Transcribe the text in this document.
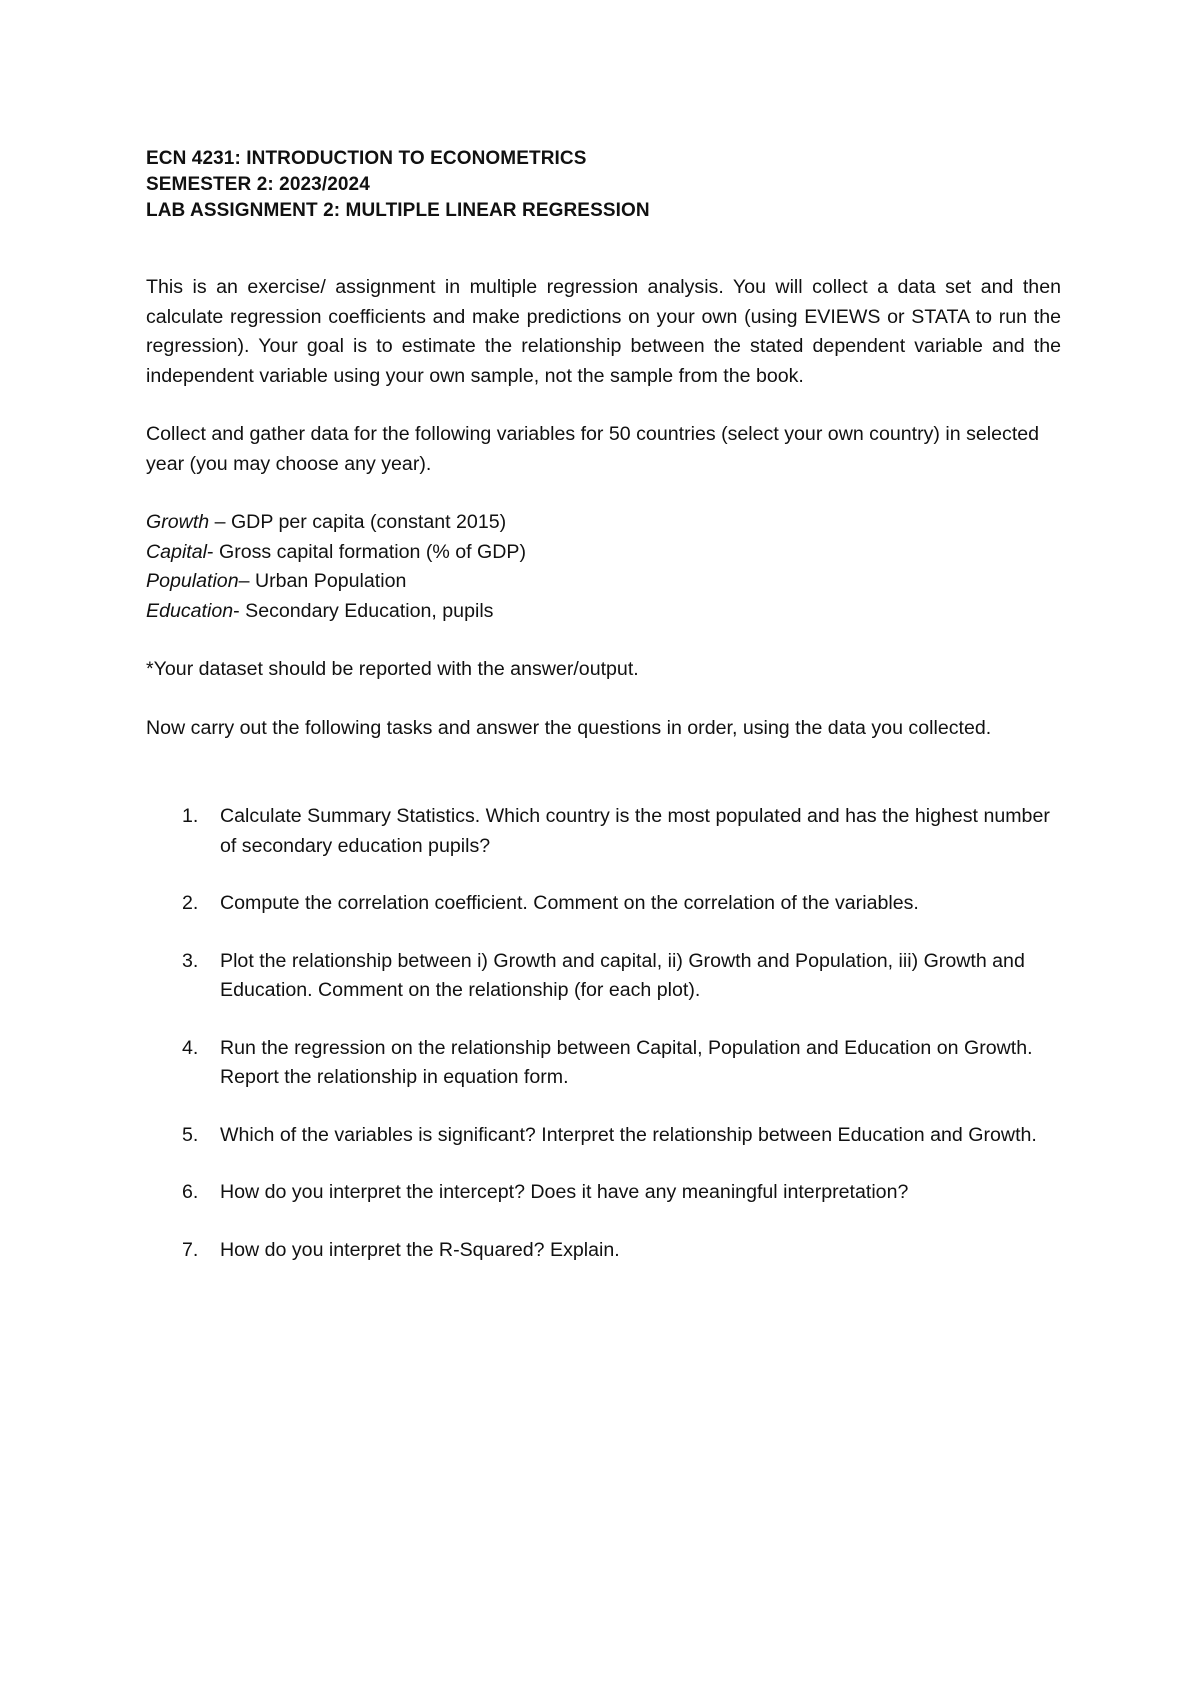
ECN 4231: INTRODUCTION TO ECONOMETRICS
SEMESTER 2: 2023/2024
LAB ASSIGNMENT 2: MULTIPLE LINEAR REGRESSION

This is an exercise/ assignment in multiple regression analysis. You will collect a data set and then calculate regression coefficients and make predictions on your own (using EVIEWS or STATA to run the regression). Your goal is to estimate the relationship between the stated dependent variable and the independent variable using your own sample, not the sample from the book.

Collect and gather data for the following variables for 50 countries (select your own country) in selected year (you may choose any year).

Growth – GDP per capita (constant 2015)
Capital- Gross capital formation (% of GDP)
Population– Urban Population
Education- Secondary Education, pupils

*Your dataset should be reported with the answer/output.

Now carry out the following tasks and answer the questions in order, using the data you collected.

1. Calculate Summary Statistics. Which country is the most populated and has the highest number of secondary education pupils?
2. Compute the correlation coefficient. Comment on the correlation of the variables.
3. Plot the relationship between i) Growth and capital, ii) Growth and Population, iii) Growth and Education. Comment on the relationship (for each plot).
4. Run the regression on the relationship between Capital, Population and Education on Growth. Report the relationship in equation form.
5. Which of the variables is significant? Interpret the relationship between Education and Growth.
6. How do you interpret the intercept? Does it have any meaningful interpretation?
7. How do you interpret the R-Squared? Explain.
